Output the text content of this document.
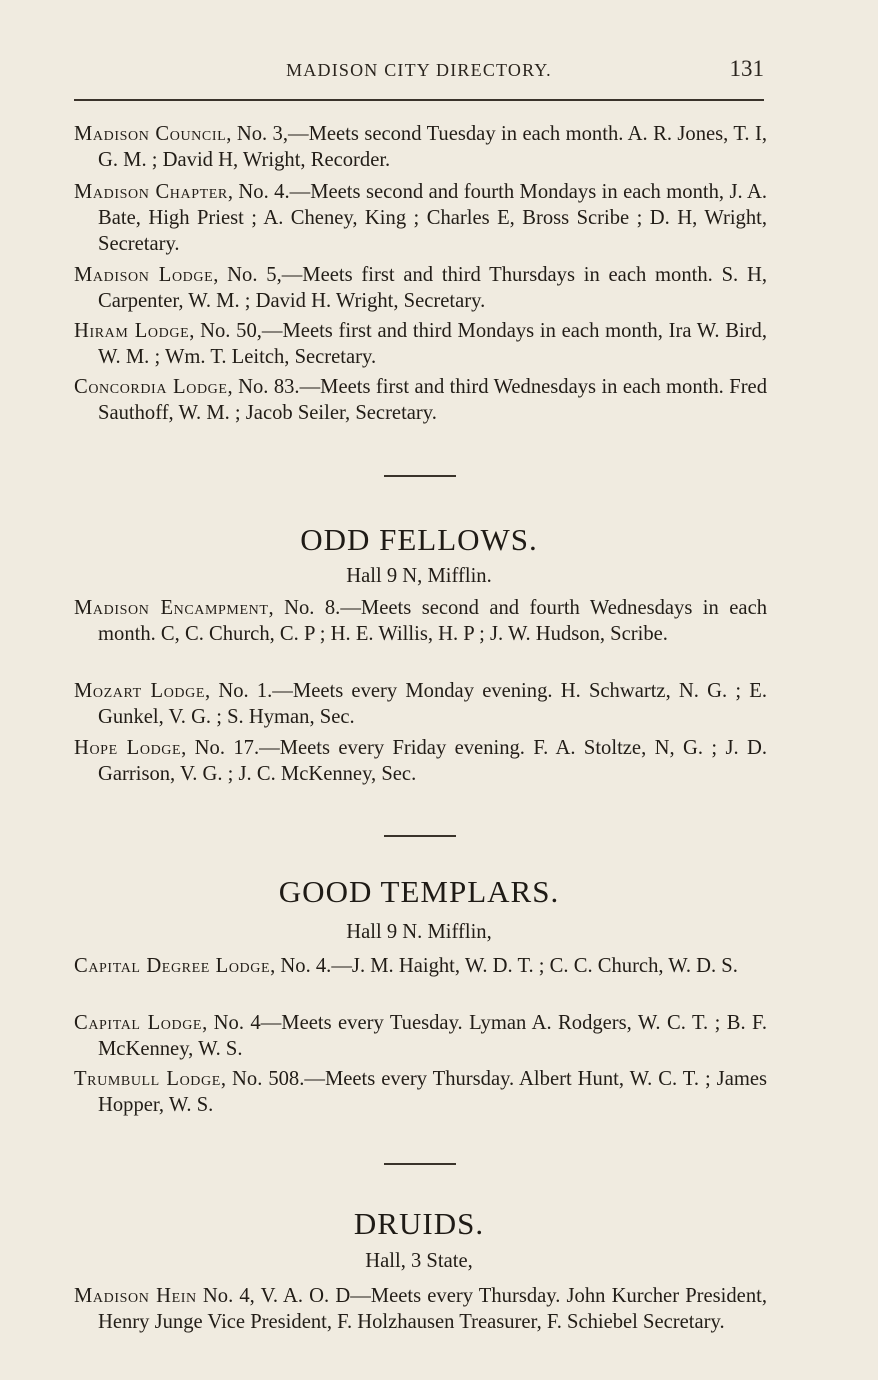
MADISON CITY DIRECTORY.	131
Madison Council, No. 3,—Meets second Tuesday in each month. A. R. Jones, T. I, G. M. ; David H, Wright, Recorder.
Madison Chapter, No. 4.—Meets second and fourth Mondays in each month, J. A. Bate, High Priest ; A. Cheney, King ; Charles E, Bross Scribe ; D. H, Wright, Secretary.
Madison Lodge, No. 5,—Meets first and third Thursdays in each month. S. H, Carpenter, W. M. ; David H. Wright, Secretary.
Hiram Lodge, No. 50,—Meets first and third Mondays in each month, Ira W. Bird, W. M. ; Wm. T. Leitch, Secretary.
Concordia Lodge, No. 83.—Meets first and third Wednesdays in each month. Fred Sauthoff, W. M. ; Jacob Seiler, Secretary.
ODD FELLOWS.
Hall 9 N, Mifflin.
Madison Encampment, No. 8.—Meets second and fourth Wednesdays in each month. C, C. Church, C. P ; H. E. Willis, H. P ; J. W. Hudson, Scribe.
Mozart Lodge, No. 1.—Meets every Monday evening. H. Schwartz, N. G. ; E. Gunkel, V. G. ; S. Hyman, Sec.
Hope Lodge, No. 17.—Meets every Friday evening. F. A. Stoltze, N, G. ; J. D. Garrison, V. G. ; J. C. McKenney, Sec.
GOOD TEMPLARS.
Hall 9 N. Mifflin,
Capital Degree Lodge, No. 4.—J. M. Haight, W. D. T. ; C. C. Church, W. D. S.
Capital Lodge, No. 4—Meets every Tuesday. Lyman A. Rodgers, W. C. T. ; B. F. McKenney, W. S.
Trumbull Lodge, No. 508.—Meets every Thursday. Albert Hunt, W. C. T. ; James Hopper, W. S.
DRUIDS.
Hall, 3 State,
Madison Hein No. 4, V. A. O. D—Meets every Thursday. John Kurcher President, Henry Junge Vice President, F. Holzhausen Treasurer, F. Schiebel Secretary.
